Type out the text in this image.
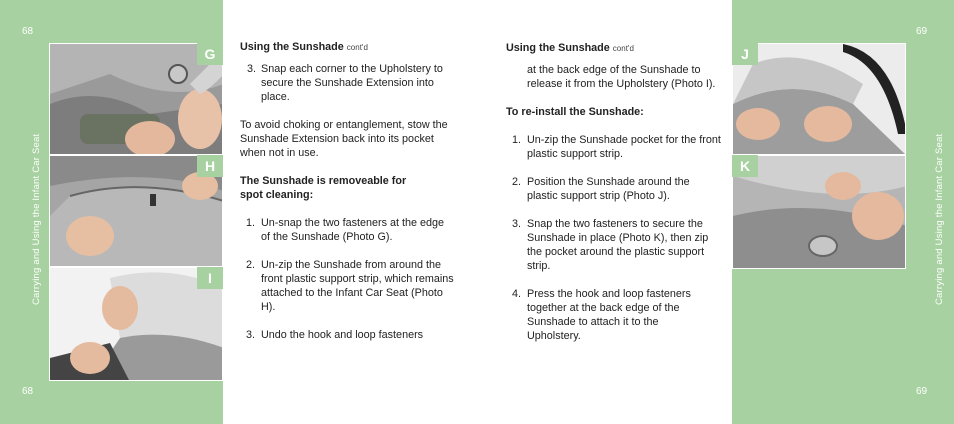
68
68
Carrying and Using the Infant Car Seat
G
H
I

Using the Sunshade cont'd

3. Snap each corner to the Upholstery to secure the Sunshade Extension into place.

To avoid choking or entanglement, stow the Sunshade Extension back into its pocket when not in use.

The Sunshade is removeable for spot cleaning:

1. Un-snap the two fasteners at the edge of the Sunshade (Photo G).

2. Un-zip the Sunshade from around the front plastic support strip, which remains attached to the Infant Car Seat (Photo H).

3. Undo the hook and loop fasteners

Using the Sunshade cont'd

at the back edge of the Sunshade to release it from the Upholstery (Photo I).

To re-install the Sunshade:

1. Un-zip the Sunshade pocket for the front plastic support strip.

2. Position the Sunshade around the plastic support strip (Photo J).

3. Snap the two fasteners to secure the Sunshade in place (Photo K), then zip the pocket around the plastic support strip.

4. Press the hook and loop fasteners together at the back edge of the Sunshade to attach it to the Upholstery.

69
69
Carrying and Using the Infant Car Seat
J
K
